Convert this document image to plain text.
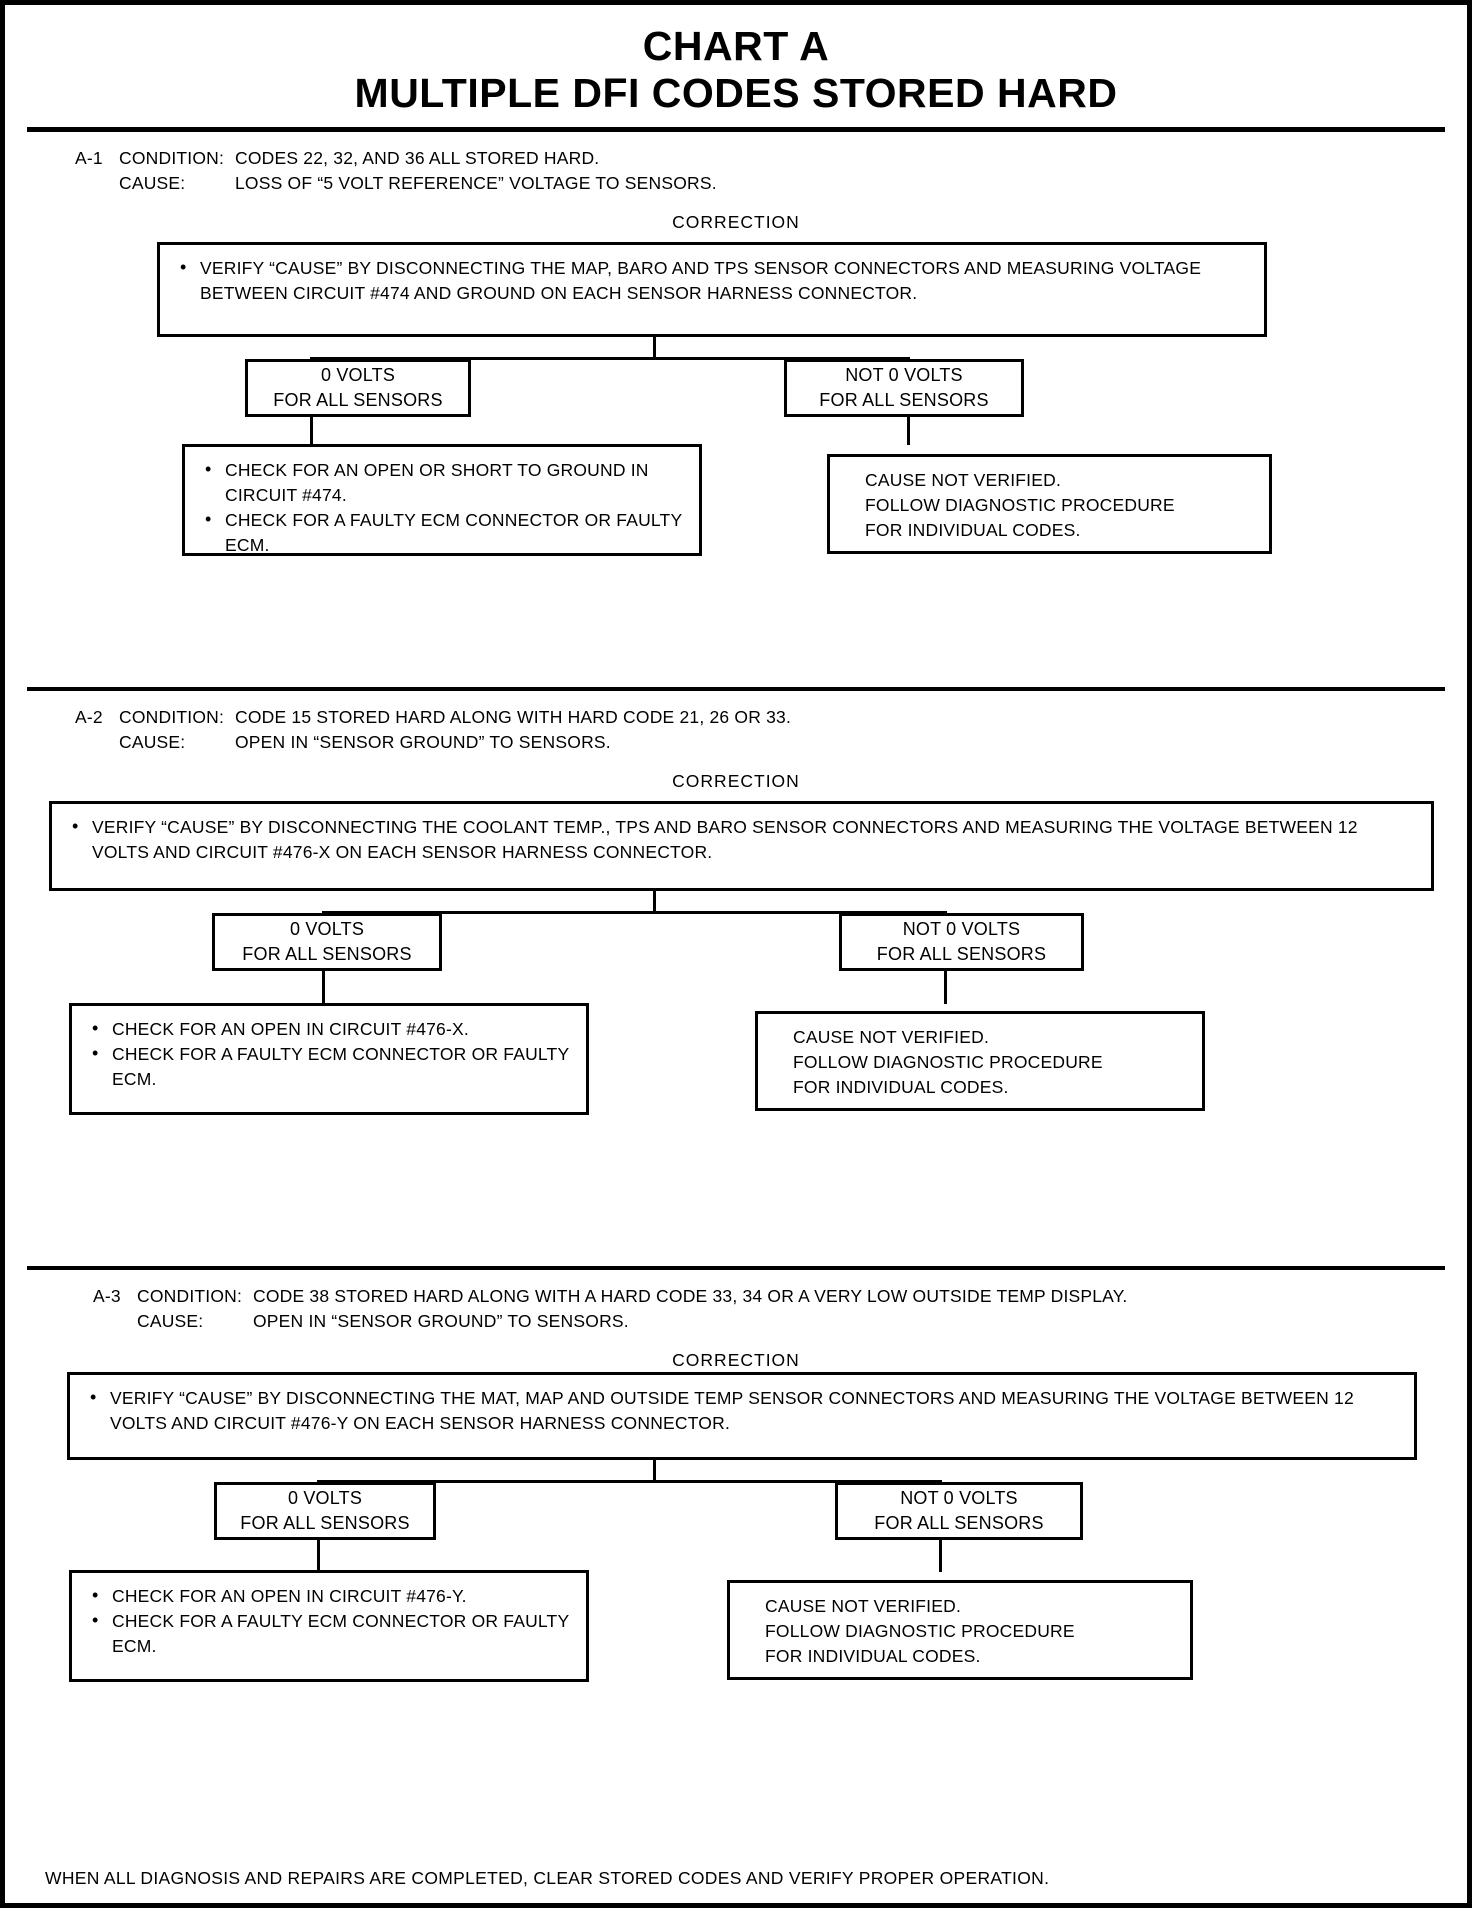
CHART A
MULTIPLE DFI CODES STORED HARD
A-1 CONDITION: CODES 22, 32, AND 36 ALL STORED HARD.
CAUSE:	LOSS OF “5 VOLT REFERENCE” VOLTAGE TO SENSORS.
CORRECTION
• VERIFY “CAUSE” BY DISCONNECTING THE MAP, BARO AND TPS SENSOR CONNECTORS AND MEASURING VOLTAGE BETWEEN CIRCUIT #474 AND GROUND ON EACH SENSOR HARNESS CONNECTOR.
0 VOLTS
FOR ALL SENSORS
NOT 0 VOLTS
FOR ALL SENSORS
• CHECK FOR AN OPEN OR SHORT TO GROUND IN CIRCUIT #474.
• CHECK FOR A FAULTY ECM CONNECTOR OR FAULTY ECM.
CAUSE NOT VERIFIED.
FOLLOW DIAGNOSTIC PROCEDURE
FOR INDIVIDUAL CODES.
A-2 CONDITION: CODE 15 STORED HARD ALONG WITH HARD CODE 21, 26 OR 33.
CAUSE:	OPEN IN “SENSOR GROUND” TO SENSORS.
CORRECTION
• VERIFY “CAUSE” BY DISCONNECTING THE COOLANT TEMP., TPS AND BARO SENSOR CONNECTORS AND MEASURING THE VOLTAGE BETWEEN 12 VOLTS AND CIRCUIT #476-X ON EACH SENSOR HARNESS CONNECTOR.
0 VOLTS
FOR ALL SENSORS
NOT 0 VOLTS
FOR ALL SENSORS
• CHECK FOR AN OPEN IN CIRCUIT #476-X.
• CHECK FOR A FAULTY ECM CONNECTOR OR FAULTY ECM.
CAUSE NOT VERIFIED.
FOLLOW DIAGNOSTIC PROCEDURE
FOR INDIVIDUAL CODES.
A-3 CONDITION: CODE 38 STORED HARD ALONG WITH A HARD CODE 33, 34 OR A VERY LOW OUTSIDE TEMP DISPLAY.
CAUSE:	OPEN IN “SENSOR GROUND” TO SENSORS.
CORRECTION
• VERIFY “CAUSE” BY DISCONNECTING THE MAT, MAP AND OUTSIDE TEMP SENSOR CONNECTORS AND MEASURING THE VOLTAGE BETWEEN 12 VOLTS AND CIRCUIT #476-Y ON EACH SENSOR HARNESS CONNECTOR.
0 VOLTS
FOR ALL SENSORS
NOT 0 VOLTS
FOR ALL SENSORS
• CHECK FOR AN OPEN IN CIRCUIT #476-Y.
• CHECK FOR A FAULTY ECM CONNECTOR OR FAULTY ECM.
CAUSE NOT VERIFIED.
FOLLOW DIAGNOSTIC PROCEDURE
FOR INDIVIDUAL CODES.
WHEN ALL DIAGNOSIS AND REPAIRS ARE COMPLETED, CLEAR STORED CODES AND VERIFY PROPER OPERATION.
